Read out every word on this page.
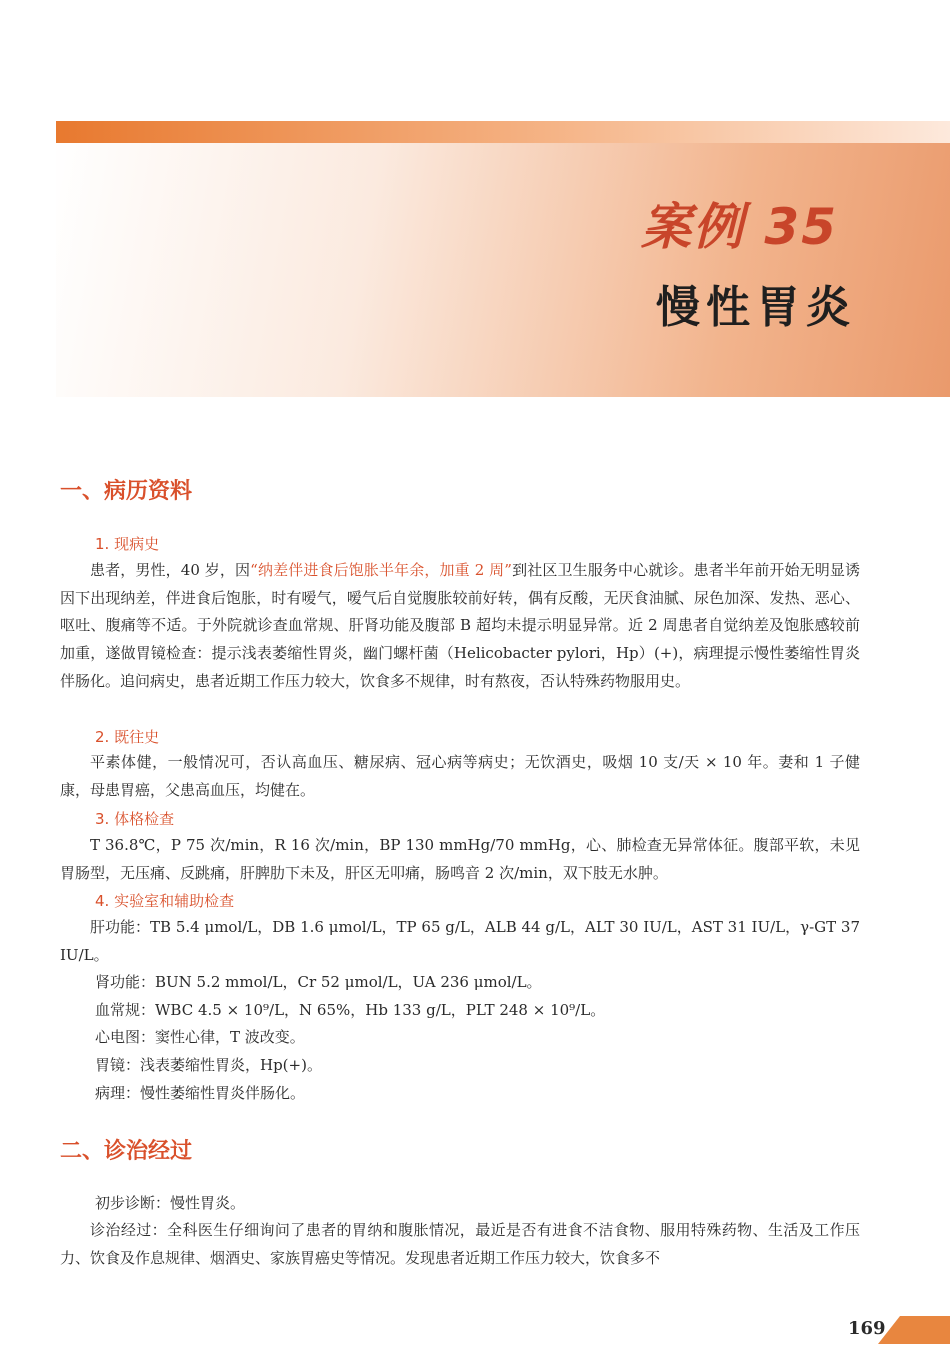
案例 35
慢性胃炎
一、病历资料
1. 现病史
患者，男性，40 岁，因“纳差伴进食后饱胀半年余，加重 2 周”到社区卫生服务中心就诊。患者半年前开始无明显诱因下出现纳差，伴进食后饱胀，时有嗳气，嗳气后自觉腹胀较前好转，偶有反酸，无厌食油腻、尿色加深、发热、恶心、呕吐、腹痛等不适。于外院就诊查血常规、肝肾功能及腹部 B 超均未提示明显异常。近 2 周患者自觉纳差及饱胀感较前加重，遂做胃镜检查：提示浅表萎缩性胃炎，幽门螺杆菌（Helicobacter pylori，Hp）(+)，病理提示慢性萎缩性胃炎伴肠化。追问病史，患者近期工作压力较大，饮食多不规律，时有熬夜，否认特殊药物服用史。
2. 既往史
平素体健，一般情况可，否认高血压、糖尿病、冠心病等病史；无饮酒史，吸烟 10 支/天 × 10 年。妻和 1 子健康，母患胃癌，父患高血压，均健在。
3. 体格检查
T 36.8℃，P 75 次/min，R 16 次/min，BP 130 mmHg/70 mmHg，心、肺检查无异常体征。腹部平软，未见胃肠型，无压痛、反跳痛，肝脾肋下未及，肝区无叩痛，肠鸣音 2 次/min，双下肢无水肿。
4. 实验室和辅助检查
肝功能：TB 5.4 μmol/L，DB 1.6 μmol/L，TP 65 g/L，ALB 44 g/L，ALT 30 IU/L，AST 31 IU/L，γ-GT 37 IU/L。
肾功能：BUN 5.2 mmol/L，Cr 52 μmol/L，UA 236 μmol/L。
血常规：WBC 4.5 × 10⁹/L，N 65%，Hb 133 g/L，PLT 248 × 10⁹/L。
心电图：窦性心律，T 波改变。
胃镜：浅表萎缩性胃炎，Hp(+)。
病理：慢性萎缩性胃炎伴肠化。
二、诊治经过
初步诊断：慢性胃炎。
诊治经过：全科医生仔细询问了患者的胃纳和腹胀情况，最近是否有进食不洁食物、服用特殊药物、生活及工作压力、饮食及作息规律、烟酒史、家族胃癌史等情况。发现患者近期工作压力较大，饮食多不
169
